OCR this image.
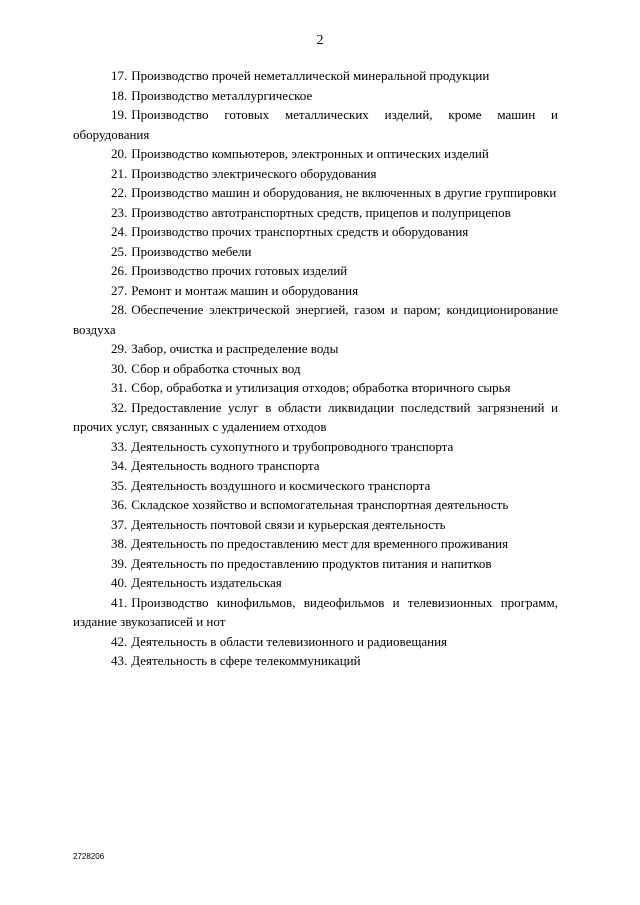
2

17. Производство прочей неметаллической минеральной продукции

18. Производство металлургическое

19. Производство готовых металлических изделий, кроме машин и оборудования

20. Производство компьютеров, электронных и оптических изделий

21. Производство электрического оборудования

22. Производство машин и оборудования, не включенных в другие группировки

23. Производство автотранспортных средств, прицепов и полуприцепов

24. Производство прочих транспортных средств и оборудования

25. Производство мебели

26. Производство прочих готовых изделий

27. Ремонт и монтаж машин и оборудования

28. Обеспечение электрической энергией, газом и паром; кондиционирование воздуха

29. Забор, очистка и распределение воды

30. Сбор и обработка сточных вод

31. Сбор, обработка и утилизация отходов; обработка вторичного сырья

32. Предоставление услуг в области ликвидации последствий загрязнений и прочих услуг, связанных с удалением отходов

33. Деятельность сухопутного и трубопроводного транспорта

34. Деятельность водного транспорта

35. Деятельность воздушного и космического транспорта

36. Складское хозяйство и вспомогательная транспортная деятельность

37. Деятельность почтовой связи и курьерская деятельность

38. Деятельность по предоставлению мест для временного проживания

39. Деятельность по предоставлению продуктов питания и напитков

40. Деятельность издательская

41. Производство кинофильмов, видеофильмов и телевизионных программ, издание звукозаписей и нот

42. Деятельность в области телевизионного и радиовещания

43. Деятельность в сфере телекоммуникаций

2728206
